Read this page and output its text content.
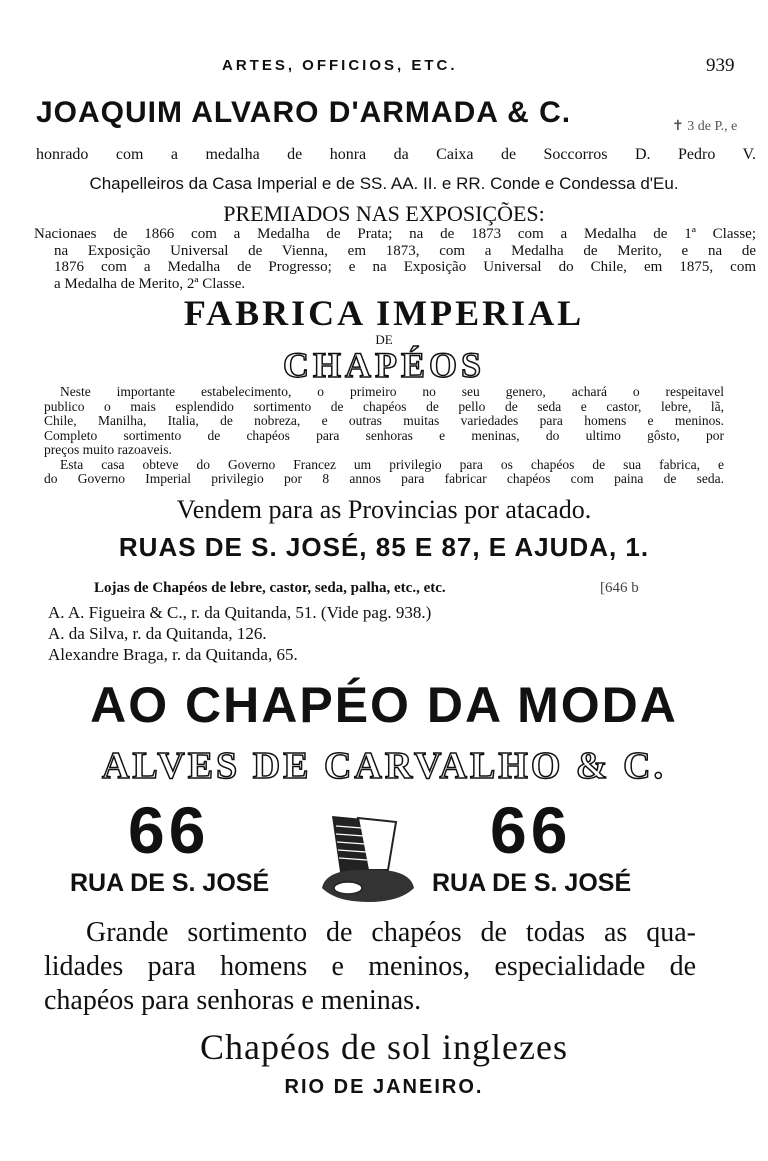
ARTES, OFFICIOS, ETC.	939
JOAQUIM ALVARO D'ARMADA & C.	✝ 3 de P., e
honrado com a medalha de honra da Caixa de Soccorros D. Pedro V.
Chapelleiros da Casa Imperial e de SS. AA. II. e RR. Conde e Condessa d'Eu.
PREMIADOS NAS EXPOSIÇÕES:
Nacionaes de 1866 com a Medalha de Prata; na de 1873 com a Medalha de 1ª Classe;
na Exposição Universal de Vienna, em 1873, com a Medalha de Merito, e na de
1876 com a Medalha de Progresso; e na Exposição Universal do Chile, em 1875, com
a Medalha de Merito, 2ª Classe.
FABRICA IMPERIAL
DE
CHAPÉOS
Neste importante estabelecimento, o primeiro no seu genero, achará o respeitavel
publico o mais esplendido sortimento de chapéos de pello de seda e castor, lebre, lã,
Chile, Manilha, Italia, de nobreza, e outras muitas variedades para homens e meninos.
Completo sortimento de chapéos para senhoras e meninas, do ultimo gôsto, por
preços muito razoaveis.
Esta casa obteve do Governo Francez um privilegio para os chapéos de sua fabrica, e
do Governo Imperial privilegio por 8 annos para fabricar chapéos com paina de seda.
Vendem para as Provincias por atacado.
RUAS DE S. JOSÉ, 85 E 87, E AJUDA, 1.
Lojas de Chapéos de lebre, castor, seda, palha, etc., etc.	[646 b
A. A. Figueira & C., r. da Quitanda, 51. (Vide pag. 938.)
A. da Silva, r. da Quitanda, 126.
Alexandre Braga, r. da Quitanda, 65.
AO CHAPÉO DA MODA
ALVES DE CARVALHO & C.
66	66
RUA DE S. JOSÉ	RUA DE S. JOSÉ
Grande sortimento de chapéos de todas as qua-
lidades para homens e meninos, especialidade de
chapéos para senhoras e meninas.
Chapéos de sol inglezes
RIO DE JANEIRO.
